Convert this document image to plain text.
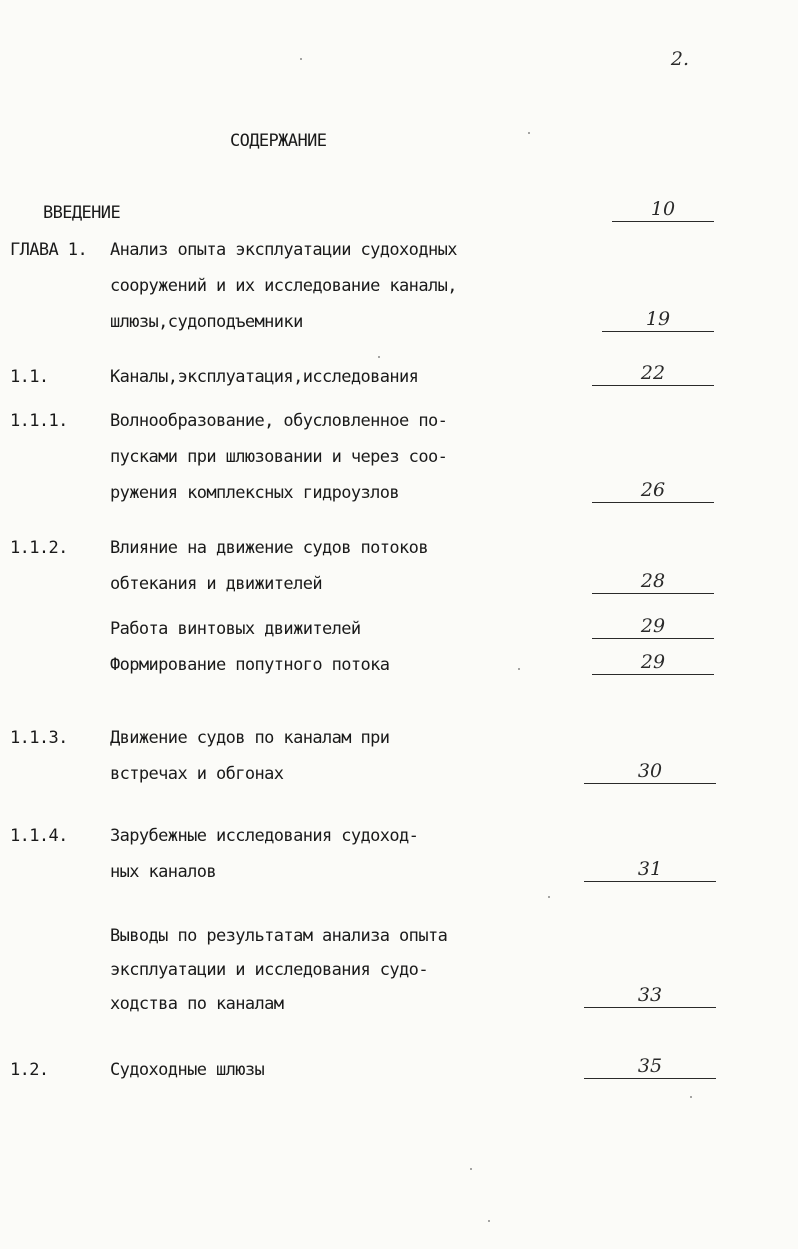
2.
СОДЕРЖАНИЕ
ВВЕДЕНИЕ	10
ГЛАВА 1. Анализ опыта эксплуатации судоходных
сооружений и их исследование каналы,
шлюзы,судоподъемники	19
1.1.	Каналы,эксплуатация,исследования	22
1.1.1. Волнообразование, обусловленное по-
пусками при шлюзовании и через соо-
ружения комплексных гидроузлов	26
1.1.2. Влияние на движение судов потоков
обтекания и движителей	28
Работа винтовых движителей	29
Формирование попутного потока	29
1.1.3. Движение судов по каналам при
встречах и обгонах	30
1.1.4. Зарубежные исследования судоход-
ных каналов	31
Выводы по результатам анализа опыта
эксплуатации и исследования судо-
ходства по каналам	33
1.2.	Судоходные шлюзы	35
